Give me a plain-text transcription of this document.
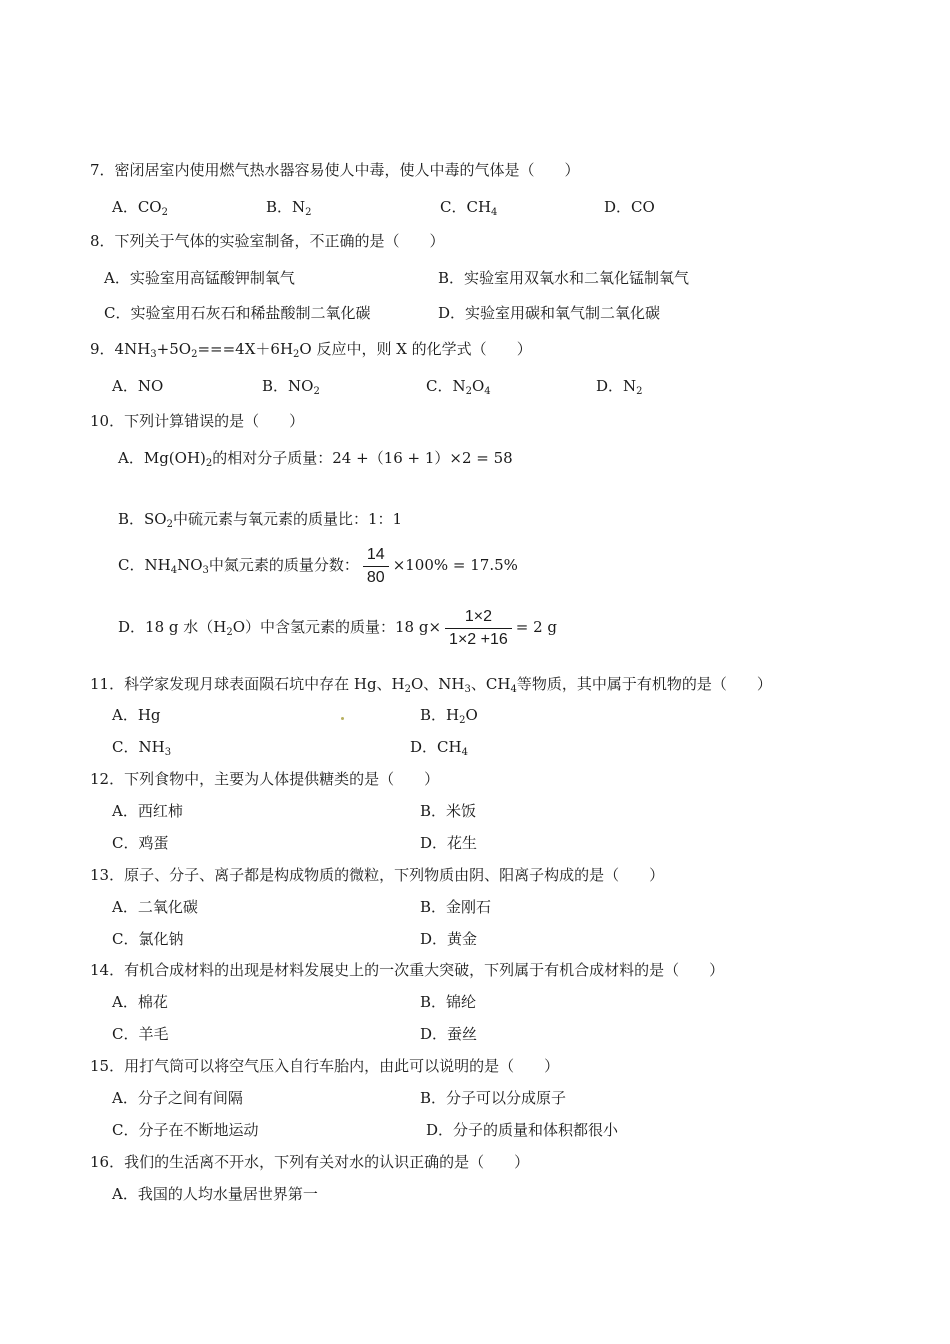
7．密闭居室内使用燃气热水器容易使人中毒，使人中毒的气体是（　　）
A．$CO_2$	B．$N_2$	C．$CH_4$	D．CO
8．下列关于气体的实验室制备，不正确的是（　　）
A．实验室用高锰酸钾制氧气	B．实验室用双氧水和二氧化锰制氧气
C．实验室用石灰石和稀盐酸制二氧化碳	D．实验室用碳和氧气制二氧化碳
9．$4NH_3+5O_2===4X+6H_2O$ 反应中，则 X 的化学式（　　）
A．NO	B．$NO_2$	C．$N_2O_4$	D．$N_2$
10．下列计算错误的是（　　）
A．$Mg(OH)_2$的相对分子质量：24 +（16 + 1）×2 = 58
B．$SO_2$中硫元素与氧元素的质量比：1：1
C．$NH_4NO_3$中氮元素的质量分数： $\frac{14}{80} \times 100\% = 17.5\%$
D．18 g 水$(H_2O)$中含氢元素的质量：18 $g\times \frac{1\times 2}{1\times 2 +16} = 2$ g
11．科学家发现月球表面陨石坑中存在 Hg、$H_2O$、$NH_3$、$CH_4$等物质，其中属于有机物的是（　　）
A．Hg	B．$H_2O$
C．$NH_3$	D．$CH_4$
12．下列食物中，主要为人体提供糖类的是（　　）
A．西红柿	B．米饭
C．鸡蛋	D．花生
13．原子、分子、离子都是构成物质的微粒，下列物质由阴、阳离子构成的是（　　）
A．二氧化碳	B．金刚石
C．氯化钠	D．黄金
14．有机合成材料的出现是材料发展史上的一次重大突破，下列属于有机合成材料的是（　　）
A．棉花	B．锦纶
C．羊毛	D．蚕丝
15．用打气筒可以将空气压入自行车胎内，由此可以说明的是（　　）
A．分子之间有间隔	B．分子可以分成原子
C．分子在不断地运动	D．分子的质量和体积都很小
16．我们的生活离不开水，下列有关对水的认识正确的是（　　）
A．我国的人均水量居世界第一
